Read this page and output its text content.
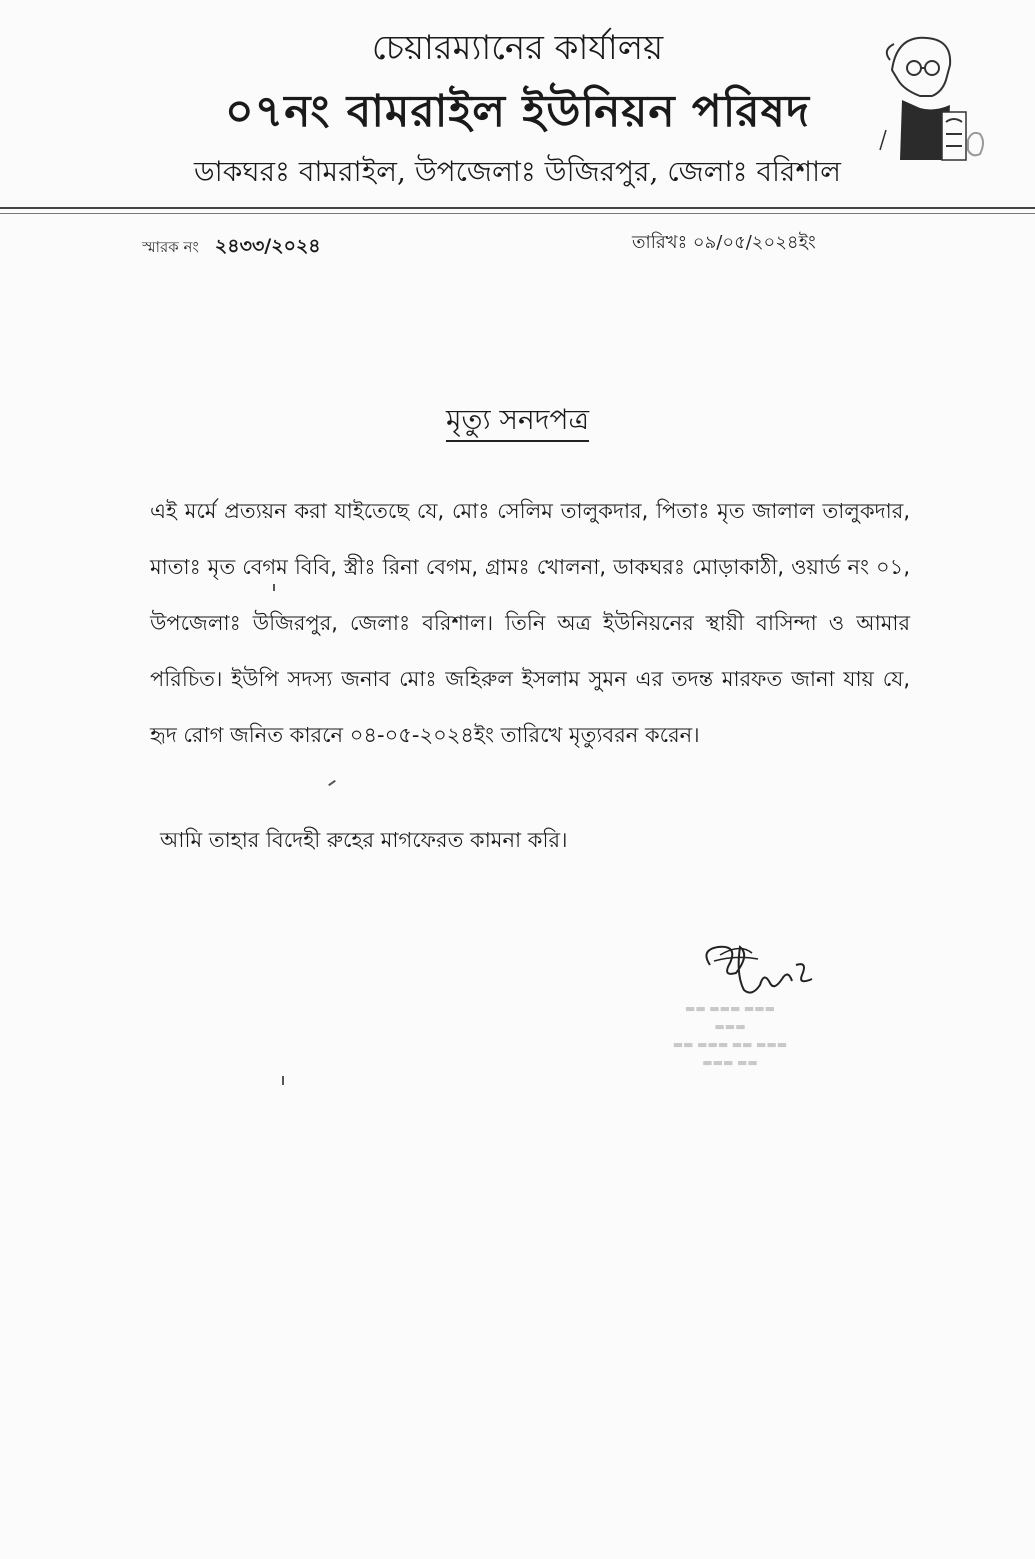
চেয়ারম্যানের কার্যালয়
০৭নং বামরাইল ইউনিয়ন পরিষদ
ডাকঘরঃ বামরাইল, উপজেলাঃ উজিরপুর, জেলাঃ বরিশাল
স্মারক নং ২৪৩৩/২০২৪	তারিখঃ ০৯/০৫/২০২৪ইং
মৃত্যু সনদপত্র
এই মর্মে প্রত্যয়ন করা যাইতেছে যে, মোঃ সেলিম তালুকদার, পিতাঃ মৃত জালাল তালুকদার, মাতাঃ মৃত বেগম বিবি, স্ত্রীঃ রিনা বেগম, গ্রামঃ খোলনা, ডাকঘরঃ মোড়াকাঠী, ওয়ার্ড নং ০১, উপজেলাঃ উজিরপুর, জেলাঃ বরিশাল। তিনি অত্র ইউনিয়নের স্থায়ী বাসিন্দা ও আমার পরিচিত। ইউপি সদস্য জনাব মোঃ জহিরুল ইসলাম সুমন এর তদন্ত মারফত জানা যায় যে, হৃদ রোগ জনিত কারনে ০৪-০৫-২০২৪ইং তারিখে মৃত্যুবরন করেন।
আমি তাহার বিদেহী রুহের মাগফেরত কামনা করি।
▬▬ ▬▬▬ ▬▬▬
▬▬▬
▬▬ ▬▬▬ ▬▬ ▬▬▬
▬▬▬ ▬▬
